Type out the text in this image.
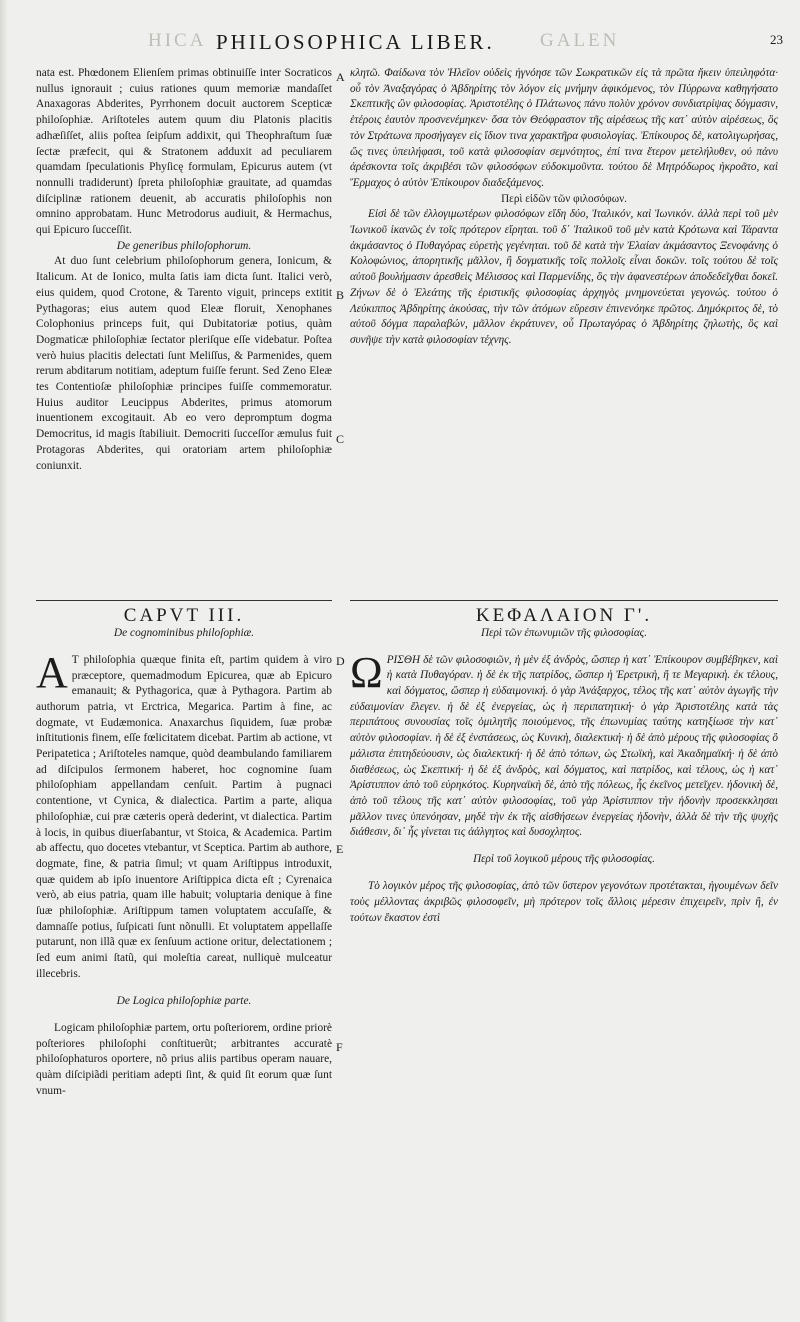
HICA	GALEN
PHILOSOPHICA LIBER.	23
A
B
C
D
E
F

nata est. Phœdonem Elienſem primas obtinuiſſe inter Socraticos nullus ignorauit ; cuius rationes quum memoriæ mandaſſet Anaxagoras Abderites, Pyrrhonem docuit auctorem Scepticæ philoſophiæ. Ariſtoteles autem quum diu Platonis placitis adhæſiſſet, aliis poſtea ſeipſum addixit, qui Theophraſtum ſuæ ſectæ præfecit, qui & Stratonem adduxit ad peculiarem quamdam ſpeculationis Phyſicę formulam, Epicurus autem (vt nonnulli tradiderunt) ſpreta philoſophiæ grauitate, ad quamdas diſciplinæ rationem deuenit, ab accuratis philoſophis non omnino approbatam. Hunc Metrodorus audiuit, & Hermachus, qui Epicuro ſucceſſit.

De generibus philoſophorum.

At duo ſunt celebrium philoſophorum genera, Ionicum, & Italicum. At de Ionico, multa ſatis iam dicta ſunt. Italici verò, eius quidem, quod Crotone, & Tarento viguit, princeps extitit Pythagoras; eius autem quod Eleæ floruit, Xenophanes Colophonius princeps fuit, qui Dubitatoriæ potius, quàm Dogmaticæ philoſophiæ ſectator pleriſque eſſe videbatur. Poſtea verò huius placitis delectati ſunt Meliſſus, & Parmenides, quem rerum abditarum notitiam, adeptum fuiſſe ferunt. Sed Zeno Eleæ tes Contentioſæ philoſophiæ principes fuiſſe commemoratur. Huius auditor Leucippus Abderites, primus atomorum inuentionem excogitauit. Ab eo vero depromptum dogma Democritus, id magis ſtabiliuit. Democriti ſucceſſor æmulus fuit Protagoras Abderites, qui oratoriam artem philoſophiæ coniunxit.

κλητῶ. Φαίδωνα τὸν Ἠλεῖον οὐδεὶς ἠγνόησε τῶν Σωκρατικῶν εἰς τὰ πρῶτα ἥκειν ὑπειληφότα· οὗ τὸν Ἀναξαγόρας ὁ Ἀβδηρίτης τὸν λόγον εἰς μνήμην ἀφικόμενος, τὸν Πύρρωνα καθηγήσατο Σκεπτικῆς ὢν φιλοσοφίας. Ἀριστοτέλης ὁ Πλάτωνος πάνυ πολὺν χρόνον συνδιατρίψας δόγμασιν, ἑτέροις ἑαυτὸν προσνενέμηκεν· ὅσα τὸν Θεόφραστον τῆς αἱρέσεως τῆς κατ᾿ αὐτὸν αἱρέσεως, ὃς τὸν Στράτωνα προσήγαγεν εἰς ἴδιον τινα χαρακτῆρα φυσιολογίας. Ἐπίκουρος δὲ, κατολιγωρήσας, ὥς τινες ὑπειλήφασι, τοῦ κατὰ φιλοσοφίαν σεμνότητος, ἐπί τινα ἕτερον μετελήλυθεν, οὐ πάνυ ἀρέσκοντα τοῖς ἀκριβέσι τῶν φιλοσόφων εὐδοκιμοῦντα. τούτου δὲ Μητρόδωρος ἠκροᾶτο, καὶ Ἕρμαχος ὁ αὐτὸν Ἐπίκουρον διαδεξάμενος.

Περὶ εἰδῶν τῶν φιλοσόφων.

Εἰσὶ δὲ τῶν ἐλλογιμωτέρων φιλοσόφων εἴδη δύο, Ἰταλικόν, καὶ Ἰωνικόν. ἀλλὰ περὶ τοῦ μὲν Ἰωνικοῦ ἱκανῶς ἐν τοῖς πρότερον εἴρηται. τοῦ δ᾿ Ἰταλικοῦ τοῦ μὲν κατὰ Κρότωνα καὶ Τάραντα ἀκμάσαντος ὁ Πυθαγόρας εὑρετὴς γεγένηται. τοῦ δὲ κατὰ τὴν Ἐλαίαν ἀκμάσαντος Ξενοφάνης ὁ Κολοφώνιος, ἀπορητικῆς μᾶλλον, ἢ δογματικῆς τοῖς πολλοῖς εἶναι δοκῶν. τοῖς τούτου δὲ τοῖς αὐτοῦ βουλήμασιν ἀρεσθεὶς Μέλισσος καὶ Παρμενίδης, ὃς τὴν ἀφανεστέρων ἀποδεδεῖχθαι δοκεῖ. Ζήνων δὲ ὁ Ἐλεάτης τῆς ἐριστικῆς φιλοσοφίας ἀρχηγὸς μνημονεύεται γεγονώς. τούτου ὁ Λεύκιππος Ἀβδηρίτης ἀκούσας, τὴν τῶν ἀτόμων εὕρεσιν ἐπινενόηκε πρῶτος. Δημόκριτος δὲ, τὸ αὐτοῦ δόγμα παραλαβών, μᾶλλον ἐκράτυνεν, οὗ Πρωταγόρας ὁ Ἀβδηρίτης ζηλωτὴς, ὃς καὶ συνῆψε τὴν κατὰ φιλοσοφίαν τέχνης.

CAPVT III.

De cognominibus philoſophiæ.

A T philoſophia quæque finita eſt, partim quidem à viro præceptore, quemadmodum Epicurea, quæ ab Epicuro emanauit; & Pythagorica, quæ à Pythagora. Partim ab authorum patria, vt Erctrica, Megarica. Partim à fine, ac dogmate, vt Eudæmonica. Anaxarchus ſiquidem, ſuæ probæ inſtitutionis finem, eſſe fœlicitatem dicebat. Partim ab actione, vt Peripatetica ; Ariſtoteles namque, quòd deambulando familiarem ad diſcipulos ſermonem haberet, hoc cognomine ſuam philoſophiam appellandam cenſuit. Partim à pugnaci contentione, vt Cynica, & dialectica. Partim a parte, aliqua philoſophiæ, cui præ cæteris operà dederint, vt dialectica. Partim à locis, in quibus diuerſabantur, vt Stoica, & Academica. Partim ab affectu, quo docetes vtebantur, vt Sceptica. Partim ab authore, dogmate, fine, & patria ſimul; vt quam Ariſtippus introduxit, quæ quidem ab ipſo inuentore Ariſtippica dicta eſt ; Cyrenaica verò, ab eius patria, quam ille habuit; voluptaria denique à fine ſuæ philoſophiæ. Ariſtippum tamen voluptatem accuſaſſe, & damnaſſe potius, ſuſpicati ſunt nõnulli. Et voluptatem appellaſſe putarunt, non illã quæ ex ſenſuum actione oritur, delectationem ; ſed eum animi ſtatũ, qui moleſtia careat, nulliquè mulceatur illecebris.

De Logica philoſophiæ parte.

Logicam philoſophiæ partem, ortu poſteriorem, ordine priorè poſteriores philoſophi conſtituerũt; arbitrantes accuratè philoſophaturos oportere, nõ prius aliis partibus operam nauare, quàm diſcipiãdi peritiam adepti ſint, & quid ſit eorum quæ ſunt vnum-

ΚΕΦΑΛΑΙΟΝ Γ'.

Περὶ τῶν ἐπωνυμιῶν τῆς φιλοσοφίας.

ΩΡΙΣΘΗ δὲ τῶν φιλοσοφιῶν, ἡ μὲν ἐξ ἀνδρὸς, ὥσπερ ἡ κατ᾿ Ἐπίκουρον συμβέβηκεν, καὶ ἡ κατὰ Πυθαγόραν. ἡ δὲ ἐκ τῆς πατρίδος, ὥσπερ ἡ Ἐρετρικὴ, ἥ τε Μεγαρικὴ. ἐκ τέλους, καὶ δόγματος, ὥσπερ ἡ εὐδαιμονική. ὁ γὰρ Ἀνάξαρχος, τέλος τῆς κατ᾿ αὐτὸν ἀγωγῆς τὴν εὐδαιμονίαν ἔλεγεν. ἡ δὲ ἐξ ἐνεργείας, ὡς ἡ περιπατητική· ὁ γὰρ Ἀριστοτέλης κατὰ τὰς περιπάτους συνουσίας τοῖς ὁμιλητῆς ποιούμενος, τῆς ἐπωνυμίας ταύτης κατηξίωσε τὴν κατ᾿ αὐτὸν φιλοσοφίαν. ἡ δὲ ἐξ ἐνστάσεως, ὡς Κυνικὴ, διαλεκτική· ἡ δὲ ἀπὸ μέρους τῆς φιλοσοφίας ὃ μάλιστα ἐπιτηδεύουσιν, ὡς διαλεκτική· ἡ δὲ ἀπὸ τόπων, ὡς Στωϊκὴ, καὶ Ἀκαδημαϊκή· ἡ δὲ ἀπὸ διαθέσεως, ὡς Σκεπτική· ἡ δὲ ἐξ ἀνδρὸς, καὶ δόγματος, καὶ πατρίδος, καὶ τέλους, ὡς ἡ κατ᾿ Ἀρίστιππον ἀπὸ τοῦ εὑρηκότος. Κυρηναϊκὴ δὲ, ἀπὸ τῆς πόλεως, ἧς ἐκεῖνος μετεῖχεν. ἡδονικὴ δὲ, ἀπὸ τοῦ τέλους τῆς κατ᾿ αὐτὸν φιλοσοφίας, τοῦ γὰρ Ἀρίστιππον τὴν ἡδονὴν προσεκκλησαι μᾶλλον τινες ὑπενόησαν, μηδὲ τὴν ἐκ τῆς αἰσθήσεων ἐνεργείας ἡδονὴν, ἀλλὰ δὲ τὴν τῆς ψυχῆς διάθεσιν, δι᾿ ἧς γίνεται τις ἀάλγητος καὶ δυσοχλητος.

Περὶ τοῦ λογικοῦ μέρους τῆς φιλοσοφίας.

Τὸ λογικὸν μέρος τῆς φιλοσοφίας, ἀπὸ τῶν ὕστερον γεγονότων προτέτακται, ἡγουμένων δεῖν τοὺς μέλλοντας ἀκριβῶς φιλοσοφεῖν, μὴ πρότερον τοῖς ἄλλοις μέρεσιν ἐπιχειρεῖν, πρὶν ἢ, ἐν τούτων ἕκαστον ἐστὶ
